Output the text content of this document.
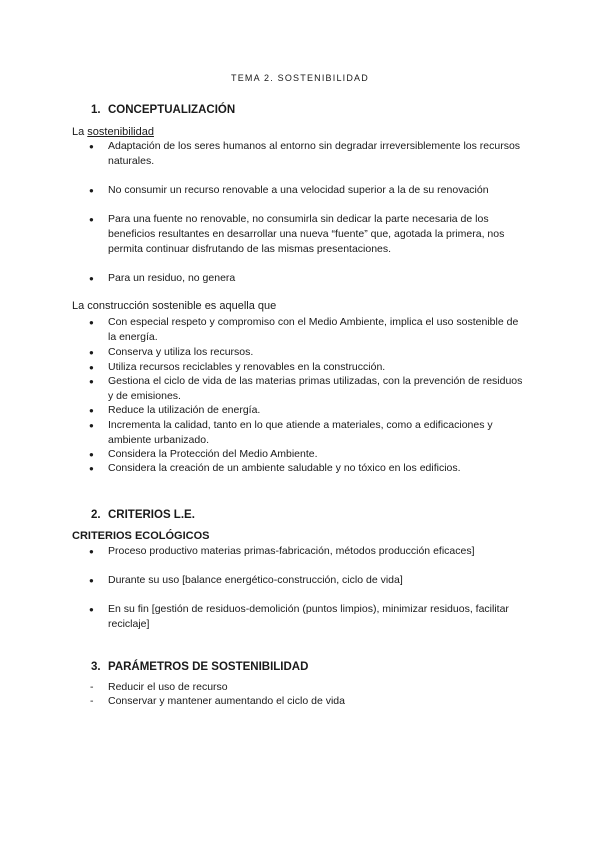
TEMA 2. SOSTENIBILIDAD
1. CONCEPTUALIZACIÓN
La sostenibilidad
● Adaptación de los seres humanos al entorno sin degradar irreversiblemente los recursos naturales.
● No consumir un recurso renovable a una velocidad superior a la de su renovación
● Para una fuente no renovable, no consumirla sin dedicar la parte necesaria de los beneficios resultantes en desarrollar una nueva “fuente” que, agotada la primera, nos permita continuar disfrutando de las mismas presentaciones.
● Para un residuo, no genera
La construcción sostenible es aquella que
● Con especial respeto y compromiso con el Medio Ambiente, implica el uso sostenible de la energía.
● Conserva y utiliza los recursos.
● Utiliza recursos reciclables y renovables en la construcción.
● Gestiona el ciclo de vida de las materias primas utilizadas, con la prevención de residuos y de emisiones.
● Reduce la utilización de energía.
● Incrementa la calidad, tanto en lo que atiende a materiales, como a edificaciones y ambiente urbanizado.
● Considera la Protección del Medio Ambiente.
● Considera la creación de un ambiente saludable y no tóxico en los edificios.
2. CRITERIOS L.E.
CRITERIOS ECOLÓGICOS
● Proceso productivo materias primas-fabricación, métodos producción eficaces]
● Durante su uso [balance energético-construcción, ciclo de vida]
● En su fin [gestión de residuos-demolición (puntos limpios), minimizar residuos, facilitar reciclaje]
3. PARÁMETROS DE SOSTENIBILIDAD
- Reducir el uso de recurso
- Conservar y mantener aumentando el ciclo de vida
